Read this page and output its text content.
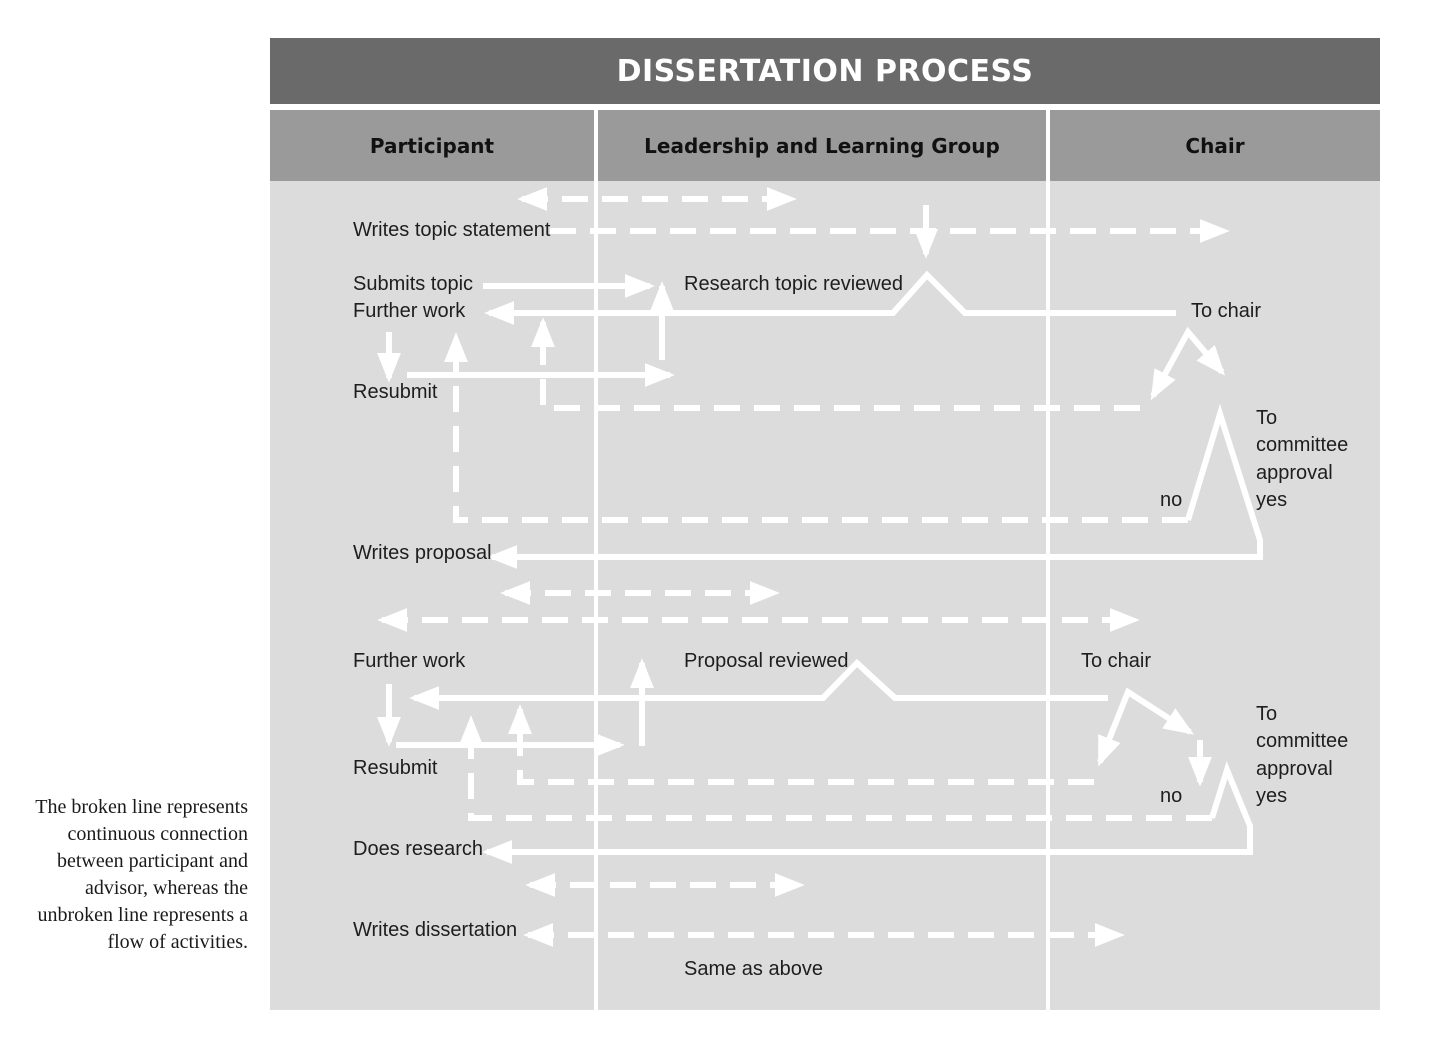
DISSERTATION PROCESS
Participant	Leadership and Learning Group	Chair
Writes topic statement
Submits topic
Further work
Research topic reviewed
To chair
Resubmit
To
committee
approval
yes
no
Writes proposal
Further work	Proposal reviewed	To chair
To
committee
approval
yes
Resubmit
no
Does research
Writes dissertation
Same as above
The broken line represents continuous connection between participant and advisor, whereas the unbroken line represents a flow of activities.
